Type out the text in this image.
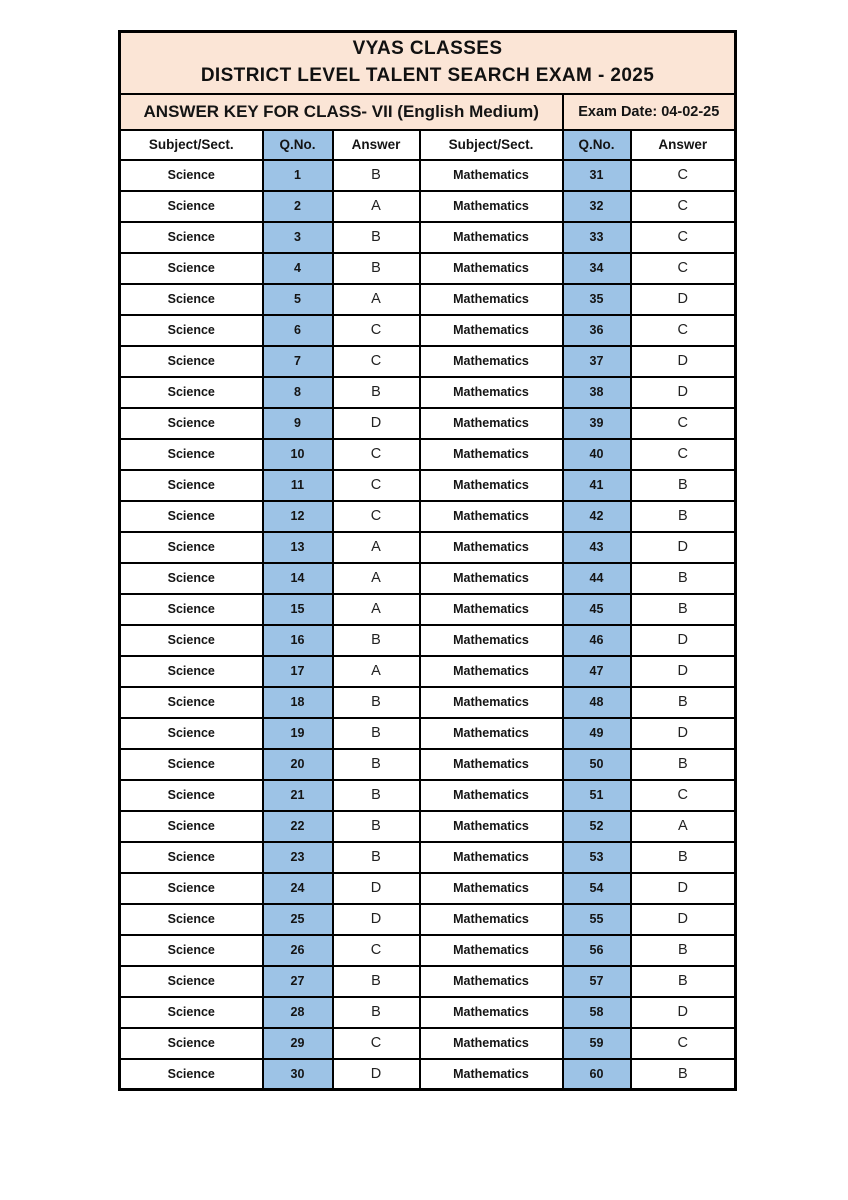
VYAS CLASSES
DISTRICT LEVEL TALENT SEARCH EXAM - 2025					

ANSWER KEY FOR CLASS- VII (English Medium)				Exam Date: 04-02-25	
Subject/Sect.	Q.No.	Answer	Subject/Sect.	Q.No.	Answer
Science	1	B	Mathematics	31	C
Science	2	A	Mathematics	32	C
Science	3	B	Mathematics	33	C
Science	4	B	Mathematics	34	C
Science	5	A	Mathematics	35	D
Science	6	C	Mathematics	36	C
Science	7	C	Mathematics	37	D
Science	8	B	Mathematics	38	D
Science	9	D	Mathematics	39	C
Science	10	C	Mathematics	40	C
Science	11	C	Mathematics	41	B
Science	12	C	Mathematics	42	B
Science	13	A	Mathematics	43	D
Science	14	A	Mathematics	44	B
Science	15	A	Mathematics	45	B
Science	16	B	Mathematics	46	D
Science	17	A	Mathematics	47	D
Science	18	B	Mathematics	48	B
Science	19	B	Mathematics	49	D
Science	20	B	Mathematics	50	B
Science	21	B	Mathematics	51	C
Science	22	B	Mathematics	52	A
Science	23	B	Mathematics	53	B
Science	24	D	Mathematics	54	D
Science	25	D	Mathematics	55	D
Science	26	C	Mathematics	56	B
Science	27	B	Mathematics	57	B
Science	28	B	Mathematics	58	D
Science	29	C	Mathematics	59	C
Science	30	D	Mathematics	60	B
